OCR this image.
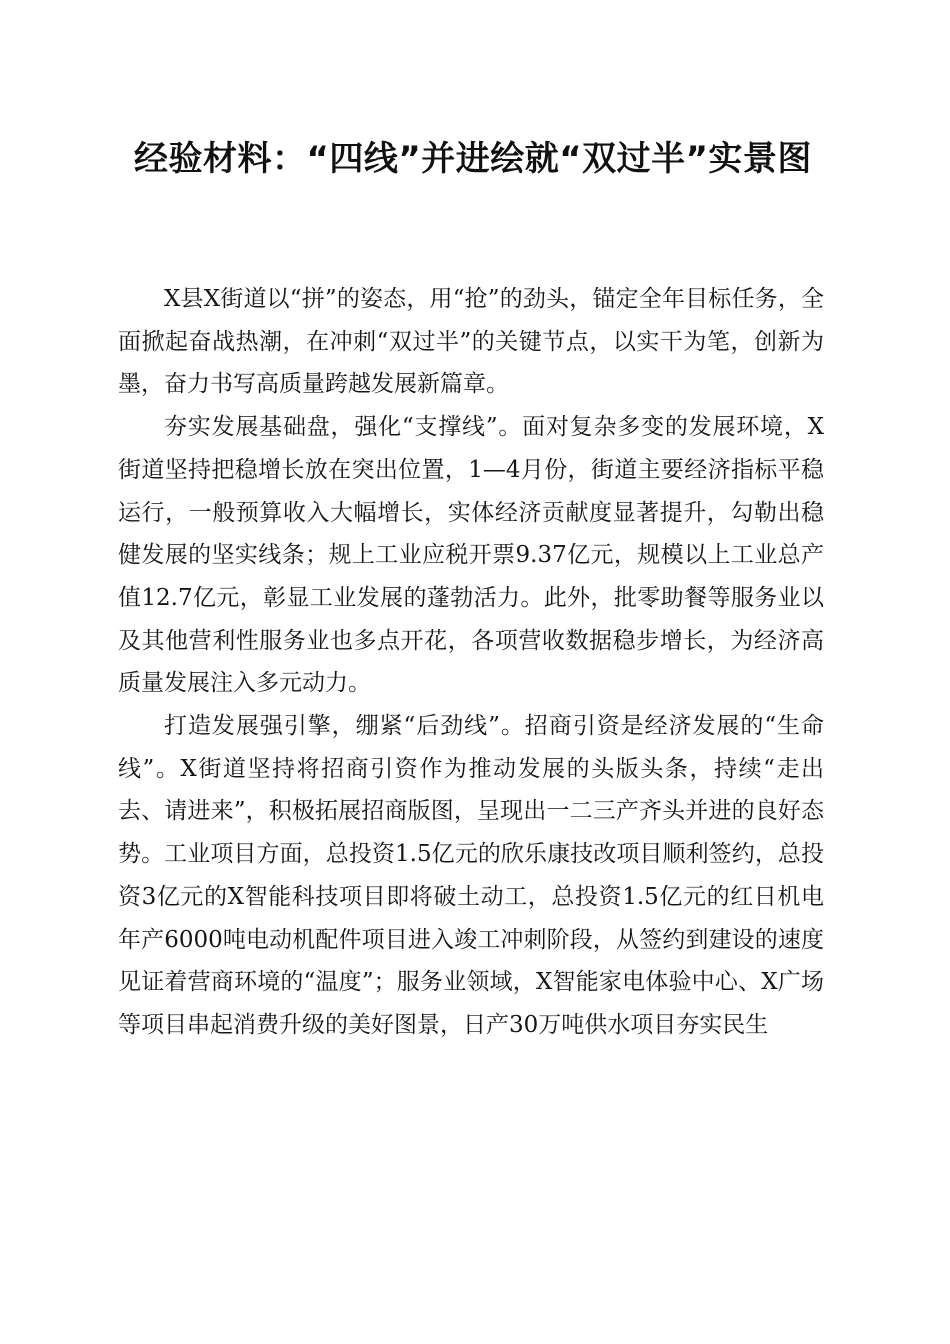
经验材料：“四线”并进绘就“双过半”实景图

X县X街道以“拼”的姿态，用“抢”的劲头，锚定全年目标任务，全面掀起奋战热潮，在冲刺“双过半”的关键节点，以实干为笔，创新为墨，奋力书写高质量跨越发展新篇章。

夯实发展基础盘，强化“支撑线”。面对复杂多变的发展环境，X街道坚持把稳增长放在突出位置，1—4月份，街道主要经济指标平稳运行，一般预算收入大幅增长，实体经济贡献度显著提升，勾勒出稳健发展的坚实线条；规上工业应税开票9.37亿元，规模以上工业总产值12.7亿元，彰显工业发展的蓬勃活力。此外，批零助餐等服务业以及其他营利性服务业也多点开花，各项营收数据稳步增长，为经济高质量发展注入多元动力。

打造发展强引擎，绷紧“后劲线”。招商引资是经济发展的“生命线”。X街道坚持将招商引资作为推动发展的头版头条，持续“走出去、请进来”，积极拓展招商版图，呈现出一二三产齐头并进的良好态势。工业项目方面，总投资1.5亿元的欣乐康技改项目顺利签约，总投资3亿元的X智能科技项目即将破土动工，总投资1.5亿元的红日机电年产6000吨电动机配件项目进入竣工冲刺阶段，从签约到建设的速度见证着营商环境的“温度”；服务业领域，X智能家电体验中心、X广场等项目串起消费升级的美好图景，日产30万吨供水项目夯实民生
